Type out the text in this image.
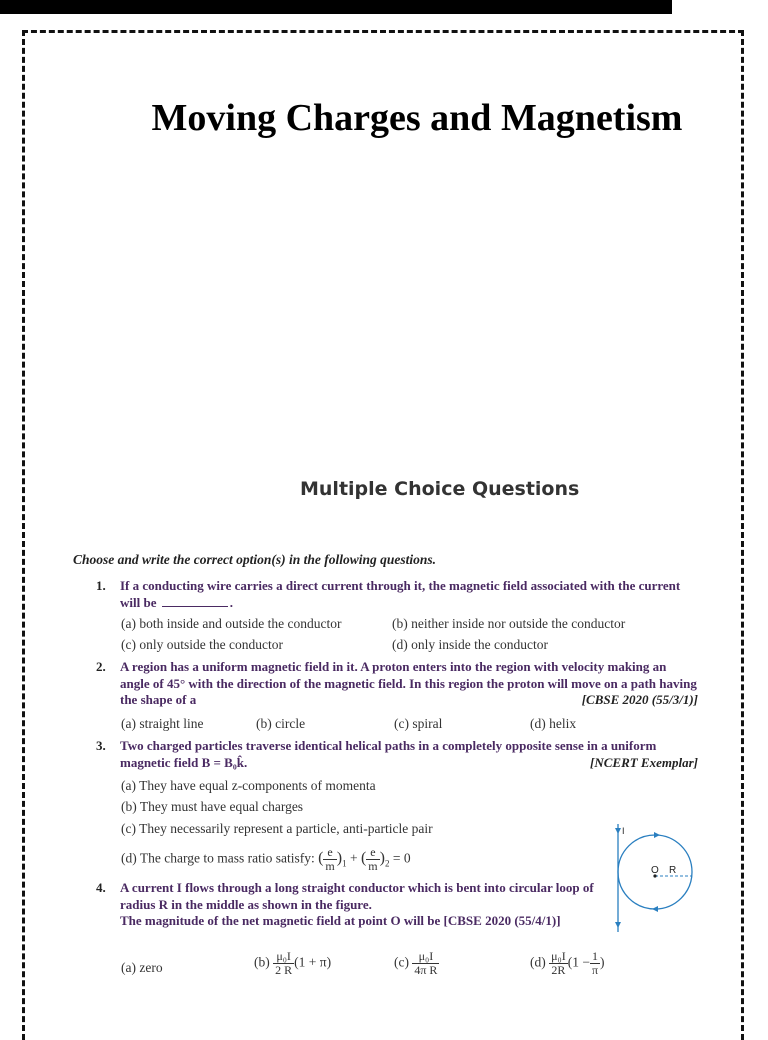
Moving Charges and Magnetism
Multiple Choice Questions
Choose and write the correct option(s) in the following questions.
1.	If a conducting wire carries a direct current through it, the magnetic field associated with the current will be	.
(a) both inside and outside the conductor	(b) neither inside nor outside the conductor
(c) only outside the conductor	(d) only inside the conductor
2.	A region has a uniform magnetic field in it. A proton enters into the region with velocity making an angle of 45° with the direction of the magnetic field. In this region the proton will move on a path having the shape of a	[CBSE 2020 (55/3/1)]
(a) straight line	(b) circle	(c) spiral	(d) helix
3.	Two charged particles traverse identical helical paths in a completely opposite sense in a uniform magnetic field B = B₀k̂.	[NCERT Exemplar]
(a) They have equal z-components of momenta
(b) They must have equal charges
(c) They necessarily represent a particle, anti-particle pair
(d) The charge to mass ratio satisfy: ( $\frac{e}{m} )_1$ + ( $\frac{e}{m} )_2 = 0$
4.	A current I flows through a long straight conductor which is bent into circular loop of radius R in the middle as shown in the figure.
The magnitude of the net magnetic field at point O will be [CBSE 2020 (55/4/1)]
(a) zero	$(b) \frac{\text{μ₀I}}{2 R} (1 + \pi)$	$(c) \frac{\text{μ₀I}}{\text{4π R}}$	$(d) \frac{\text{μ₀I}}{2R} (1 - \frac{1}{\pi}$ )
I
O R
